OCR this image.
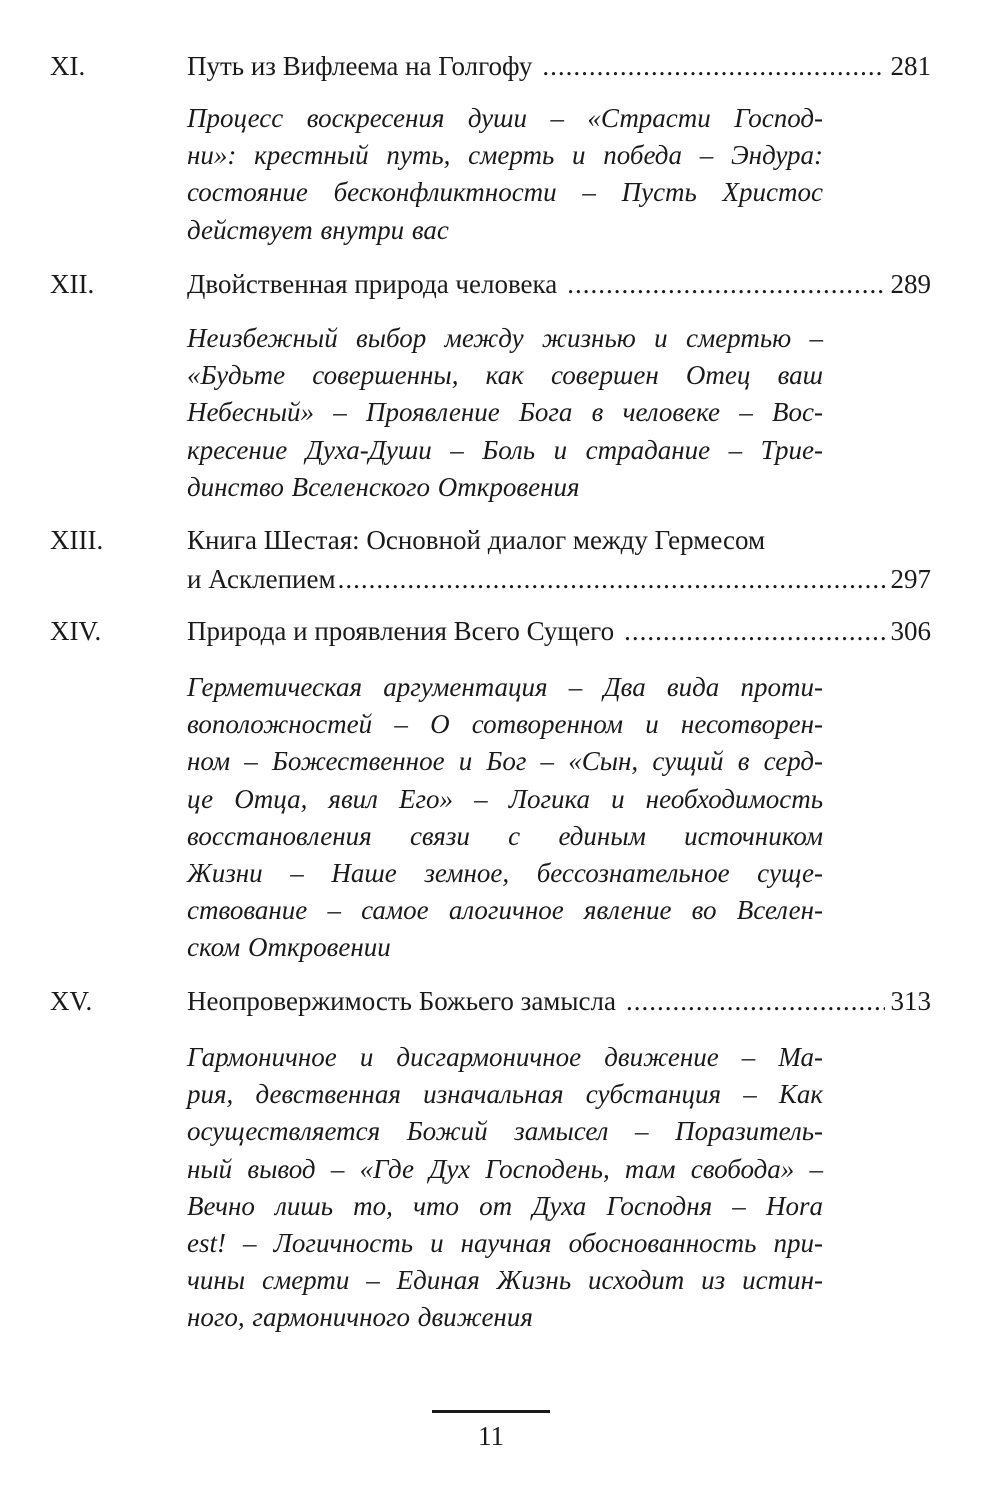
XI.	Путь из Вифлеема на Голгофу .....	281
Процесс воскресения души – «Страсти Господ-
ни»: крестный путь, смерть и победа – Эндура:
состояние бесконфликтности – Пусть Христос
действует внутри вас
XII.	Двойственная природа человека .....	289
Неизбежный выбор между жизнью и смертью –
«Будьте совершенны, как совершен Отец ваш
Небесный» – Проявление Бога в человеке – Вос-
кресение Духа-Души – Боль и страдание – Трие-
динство Вселенского Откровения
XIII.	Книга Шестая: Основной диалог между Гермесом
и Асклепием .....	297
XIV.	Природа и проявления Всего Сущего .....	306
Герметическая аргументация – Два вида проти-
воположностей – О сотворенном и несотворен-
ном – Божественное и Бог – «Сын, сущий в серд-
це Отца, явил Его» – Логика и необходимость
восстановления связи с единым источником
Жизни – Наше земное, бессознательное суще-
ствование – самое алогичное явление во Вселен-
ском Откровении
XV.	Неопровержимость Божьего замысла .....	313
Гармоничное и дисгармоничное движение – Ма-
рия, девственная изначальная субстанция – Как
осуществляется Божий замысел – Поразитель-
ный вывод – «Где Дух Господень, там свобода» –
Вечно лишь то, что от Духа Господня – Hora
est! – Логичность и научная обоснованность при-
чины смерти – Единая Жизнь исходит из истин-
ного, гармоничного движения
11
